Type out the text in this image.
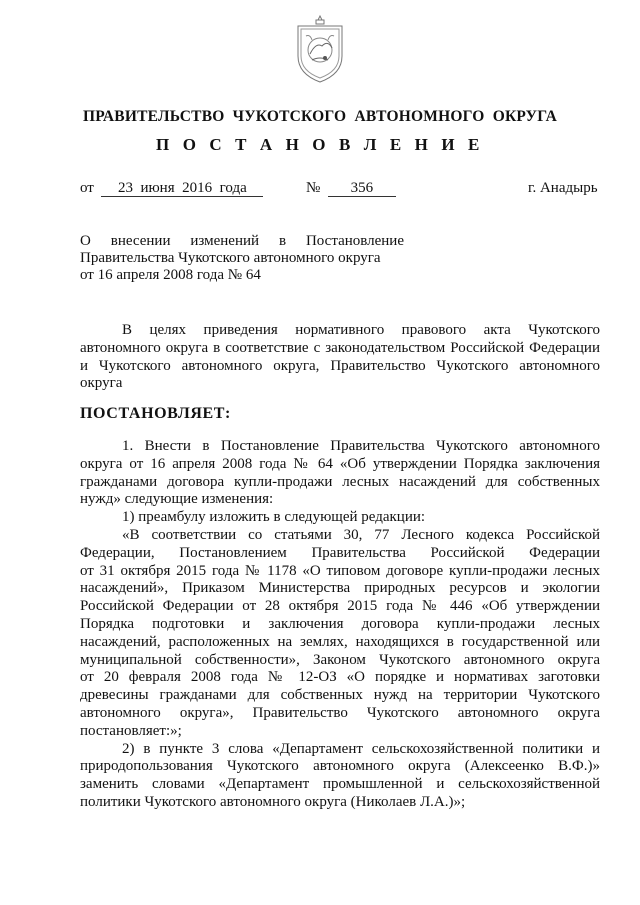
ПРАВИТЕЛЬСТВО  ЧУКОТСКОГО  АВТОНОМНОГО  ОКРУГА
П О С Т А Н О В Л Е Н И Е
от 23  июня  2016  года	№ 356	г. Анадырь
О внесении изменений в Постановление
Правительства Чукотского автономного округа
от 16 апреля 2008 года № 64
В целях приведения нормативного правового акта Чукотского
автономного округа в соответствие с законодательством Российской Федерации
и Чукотского автономного округа, Правительство Чукотского автономного
округа
ПОСТАНОВЛЯЕТ:
1. Внести в Постановление Правительства Чукотского автономного
округа от 16 апреля 2008 года № 64 «Об утверждении Порядка заключения
гражданами договора купли-продажи лесных насаждений для собственных
нужд» следующие изменения:
1) преамбулу изложить в следующей редакции:
«В соответствии со статьями 30, 77 Лесного кодекса Российской
Федерации, Постановлением Правительства Российской Федерации
от 31 октября 2015 года № 1178 «О типовом договоре купли-продажи лесных
насаждений», Приказом Министерства природных ресурсов и экологии
Российской Федерации от 28 октября 2015 года № 446 «Об утверждении
Порядка подготовки и заключения договора купли-продажи лесных
насаждений, расположенных на землях, находящихся в государственной или
муниципальной собственности», Законом Чукотского автономного округа
от 20 февраля 2008 года № 12-ОЗ «О порядке и нормативах заготовки
древесины гражданами для собственных нужд на территории Чукотского
автономного округа», Правительство Чукотского автономного округа
постановляет:»;
2) в пункте 3 слова «Департамент сельскохозяйственной политики и
природопользования Чукотского автономного округа (Алексеенко В.Ф.)»
заменить словами «Департамент промышленной и сельскохозяйственной
политики Чукотского автономного округа (Николаев Л.А.)»;
